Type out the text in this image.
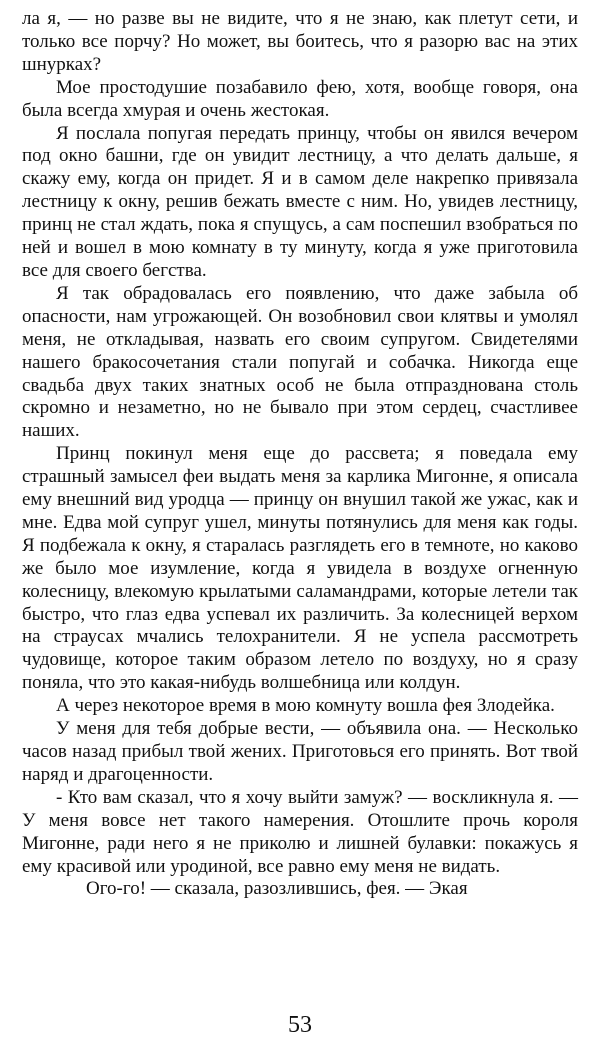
ла я, — но разве вы не видите, что я не знаю, как плетут сети, и только все порчу? Но может, вы боитесь, что я разорю вас на этих шнурках?

Мое простодушие позабавило фею, хотя, вообще говоря, она была всегда хмурая и очень жестокая.

Я послала попугая передать принцу, чтобы он явился вечером под окно башни, где он увидит лестницу, а что делать дальше, я скажу ему, когда он придет. Я и в самом деле накрепко привязала лестницу к окну, решив бежать вместе с ним. Но, увидев лестницу, принц не стал ждать, пока я спущусь, а сам поспешил взобраться по ней и вошел в мою комнату в ту минуту, когда я уже приготовила все для своего бегства.

Я так обрадовалась его появлению, что даже забыла об опасности, нам угрожающей. Он возобновил свои клятвы и умолял меня, не откладывая, назвать его своим супругом. Свидетелями нашего бракосочетания стали попугай и собачка. Никогда еще свадьба двух таких знатных особ не была отпразднована столь скромно и незаметно, но не бывало при этом сердец, счастливее наших.

Принц покинул меня еще до рассвета; я поведала ему страшный замысел феи выдать меня за карлика Мигонне, я описала ему внешний вид уродца — принцу он внушил такой же ужас, как и мне. Едва мой супруг ушел, минуты потянулись для меня как годы. Я подбежала к окну, я старалась разглядеть его в темноте, но каково же было мое изумление, когда я увидела в воздухе огненную колесницу, влекомую крылатыми саламандрами, которые летели так быстро, что глаз едва успевал их различить. За колесницей верхом на страусах мчались телохранители. Я не успела рассмотреть чудовище, которое таким образом летело по воздуху, но я сразу поняла, что это какая-нибудь волшебница или колдун.

А через некоторое время в мою комнуту вошла фея Злодейка.

У меня для тебя добрые вести, — объявила она. — Несколько часов назад прибыл твой жених. Приготовься его принять. Вот твой наряд и драгоценности.

- Кто вам сказал, что я хочу выйти замуж? — воскликнула я. — У меня вовсе нет такого намерения. Отошлите прочь короля Мигонне, ради него я не приколю и лишней булавки: покажусь я ему красивой или уродиной, все равно ему меня не видать.

Ого-го! — сказала, разозлившись, фея. — Экая

53
